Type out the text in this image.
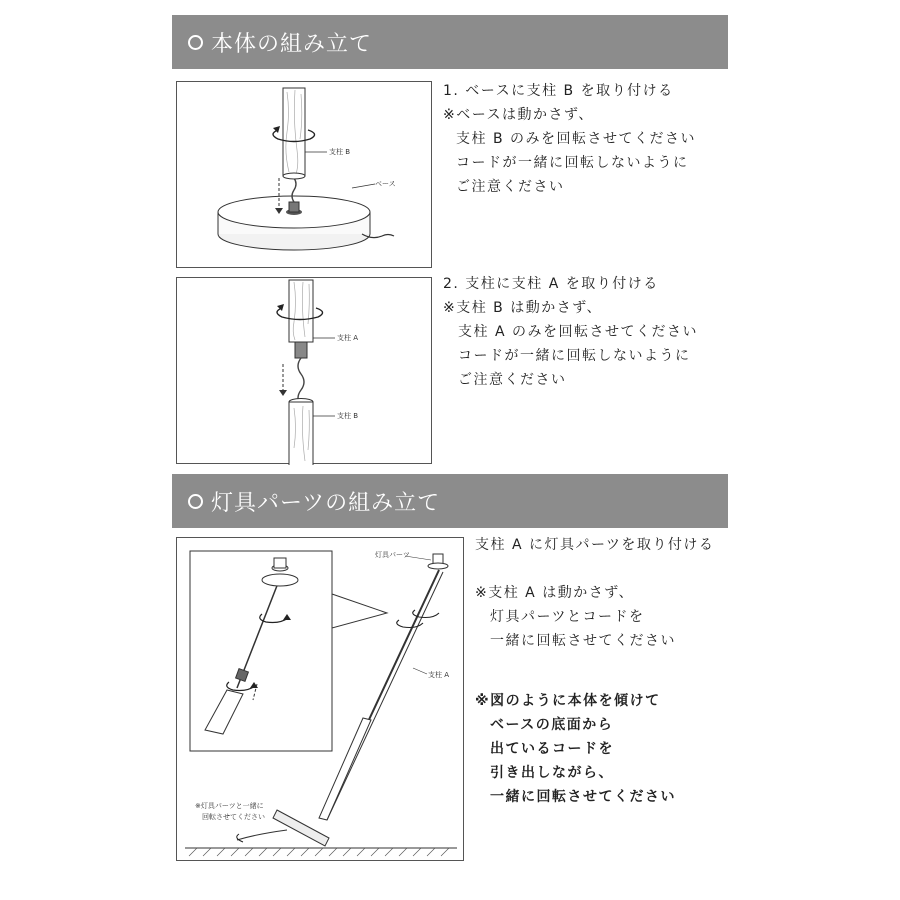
本体の組み立て
支柱 B
ベース
1. ベースに支柱 B を取り付ける
※ベースは動かさず、
支柱 B のみを回転させてください
コードが一緒に回転しないように
ご注意ください
支柱 A
支柱 B
2. 支柱に支柱 A を取り付ける
※支柱 B は動かさず、
支柱 A のみを回転させてください
コードが一緒に回転しないように
ご注意ください
灯具パーツの組み立て
灯具パーツ
支柱 A
※灯具パーツと一緒に
回転させてください
支柱 A に灯具パーツを取り付ける
※支柱 A は動かさず、
灯具パーツとコードを
一緒に回転させてください
※図のように本体を傾けて
ベースの底面から
出ているコードを
引き出しながら、
一緒に回転させてください
